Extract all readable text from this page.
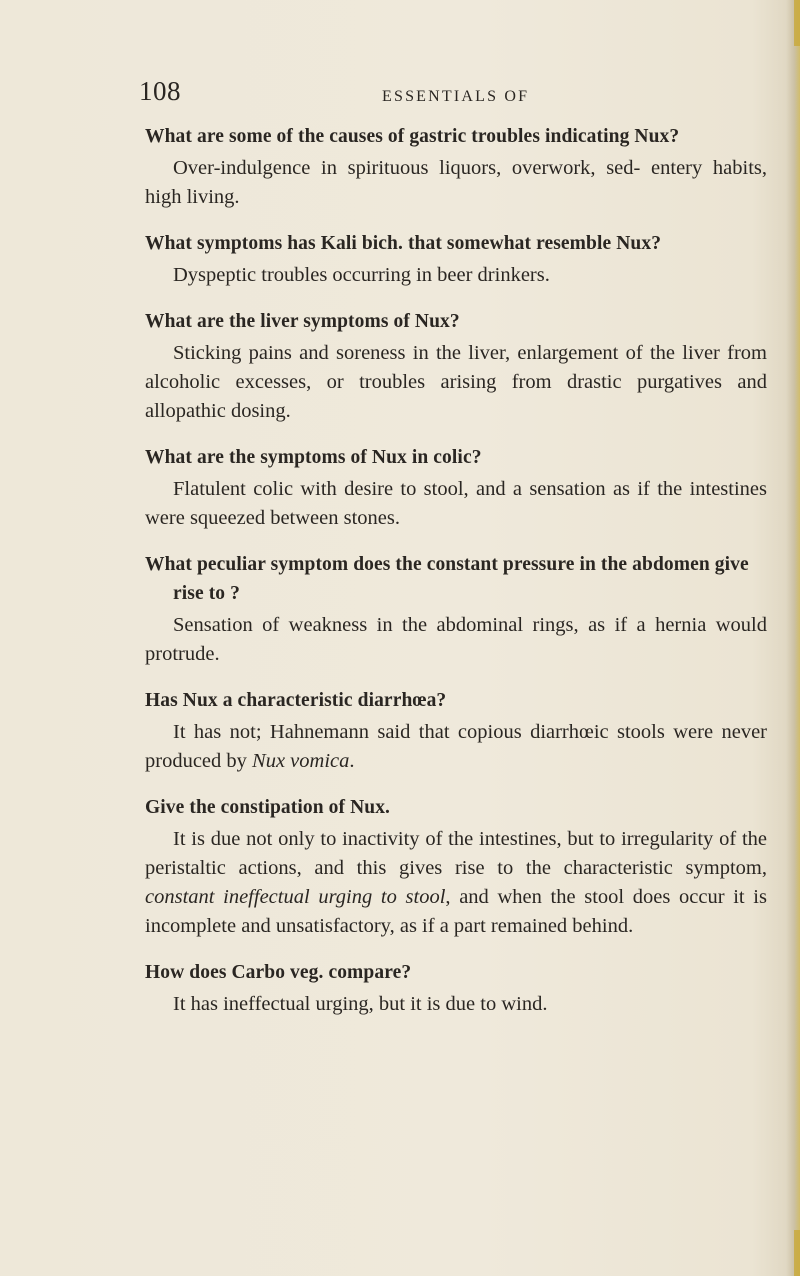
108	ESSENTIALS OF

What are some of the causes of gastric troubles indicating Nux?

Over-indulgence in spirituous liquors, overwork, sed- entery habits, high living.

What symptoms has Kali bich. that somewhat resemble Nux?

Dyspeptic troubles occurring in beer drinkers.

What are the liver symptoms of Nux?

Sticking pains and soreness in the liver, enlargement of the liver from alcoholic excesses, or troubles arising from drastic purgatives and allopathic dosing.

What are the symptoms of Nux in colic?

Flatulent colic with desire to stool, and a sensation as if the intestines were squeezed between stones.

What peculiar symptom does the constant pressure in the abdomen give rise to ?

Sensation of weakness in the abdominal rings, as if a hernia would protrude.

Has Nux a characteristic diarrhœa?

It has not; Hahnemann said that copious diarrhœic stools were never produced by Nux vomica.

Give the constipation of Nux.

It is due not only to inactivity of the intestines, but to irregularity of the peristaltic actions, and this gives rise to the characteristic symptom, constant ineffectual urging to stool, and when the stool does occur it is incomplete and unsatisfactory, as if a part remained behind.

How does Carbo veg. compare?

It has ineffectual urging, but it is due to wind.
